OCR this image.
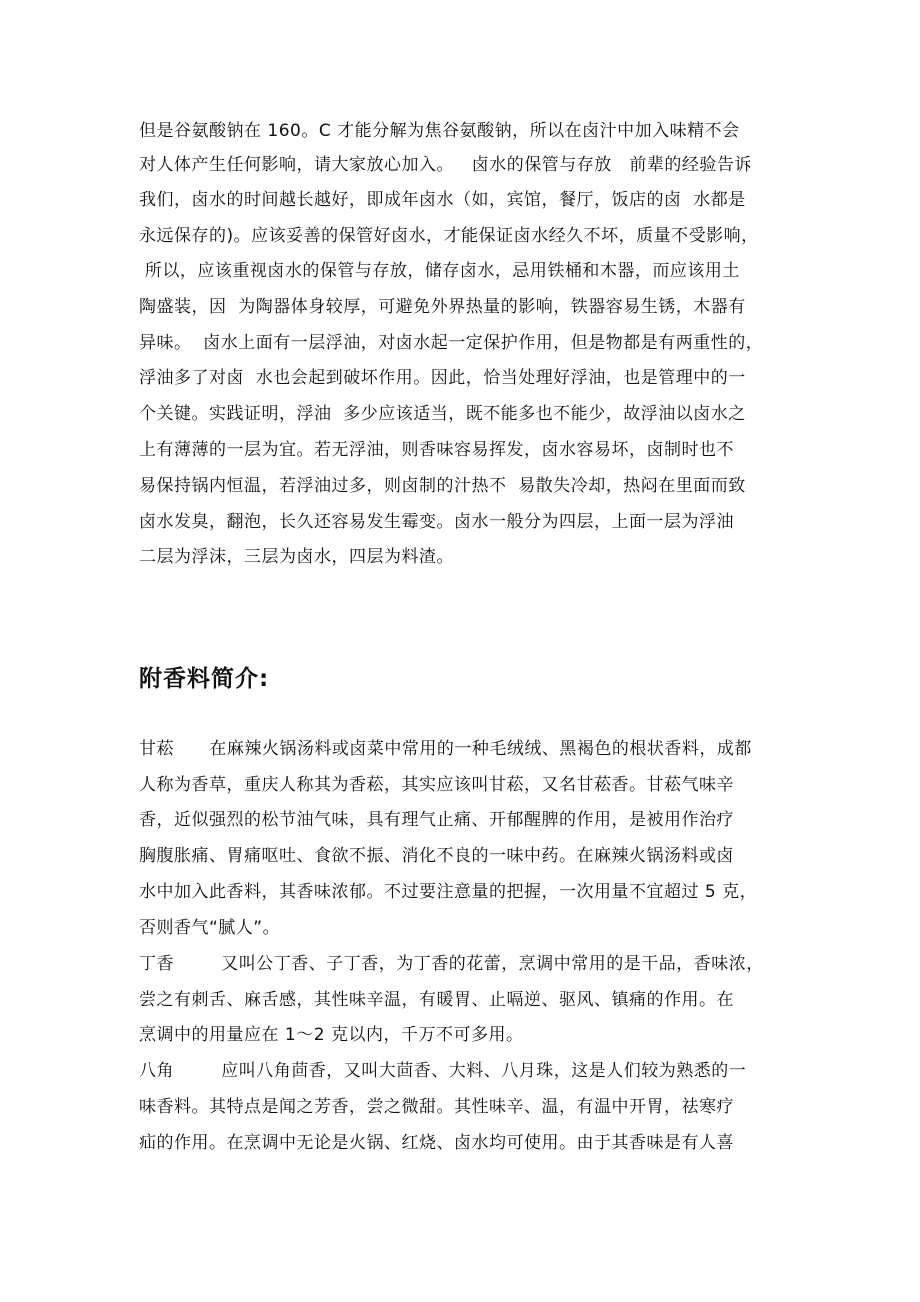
但是谷氨酸钠在 160。C 才能分解为焦谷氨酸钠，所以在卤汁中加入味精不会
对人体产生任何影响，请大家放心加入。   卤水的保管与存放   前辈的经验告诉
我们，卤水的时间越长越好，即成年卤水（如，宾馆，餐厅，饭店的卤  水都是
永远保存的)。应该妥善的保管好卤水，才能保证卤水经久不坏，质量不受影响，
所以，应该重视卤水的保管与存放，储存卤水，忌用铁桶和木器，而应该用土
陶盛装，因  为陶器体身较厚，可避免外界热量的影响，铁器容易生锈，木器有
异味。  卤水上面有一层浮油，对卤水起一定保护作用，但是物都是有两重性的，
浮油多了对卤  水也会起到破坏作用。因此，恰当处理好浮油，也是管理中的一
个关键。实践证明，浮油  多少应该适当，既不能多也不能少，故浮油以卤水之
上有薄薄的一层为宜。若无浮油，则香味容易挥发，卤水容易坏，卤制时也不
易保持锅内恒温，若浮油过多，则卤制的汁热不  易散失冷却，热闷在里面而致
卤水发臭，翻泡，长久还容易发生霉变。卤水一般分为四层，上面一层为浮油
二层为浮沫，三层为卤水，四层为料渣。
附香料简介:
甘菘      在麻辣火锅汤料或卤菜中常用的一种毛绒绒、黑褐色的根状香料，成都
人称为香草，重庆人称其为香菘，其实应该叫甘菘，又名甘菘香。甘菘气味辛
香，近似强烈的松节油气味，具有理气止痛、开郁醒脾的作用，是被用作治疗
胸腹胀痛、胃痛呕吐、食欲不振、消化不良的一味中药。在麻辣火锅汤料或卤
水中加入此香料，其香味浓郁。不过要注意量的把握，一次用量不宜超过 5 克，
否则香气“腻人”。
丁香        又叫公丁香、子丁香，为丁香的花蕾，烹调中常用的是干品，香味浓，
尝之有刺舌、麻舌感，其性味辛温，有暖胃、止嗝逆、驱风、镇痛的作用。在
烹调中的用量应在 1～2 克以内，千万不可多用。
八角        应叫八角茴香，又叫大茴香、大料、八月珠，这是人们较为熟悉的一
味香料。其特点是闻之芳香，尝之微甜。其性味辛、温，有温中开胃，祛寒疗
疝的作用。在烹调中无论是火锅、红烧、卤水均可使用。由于其香味是有人喜
